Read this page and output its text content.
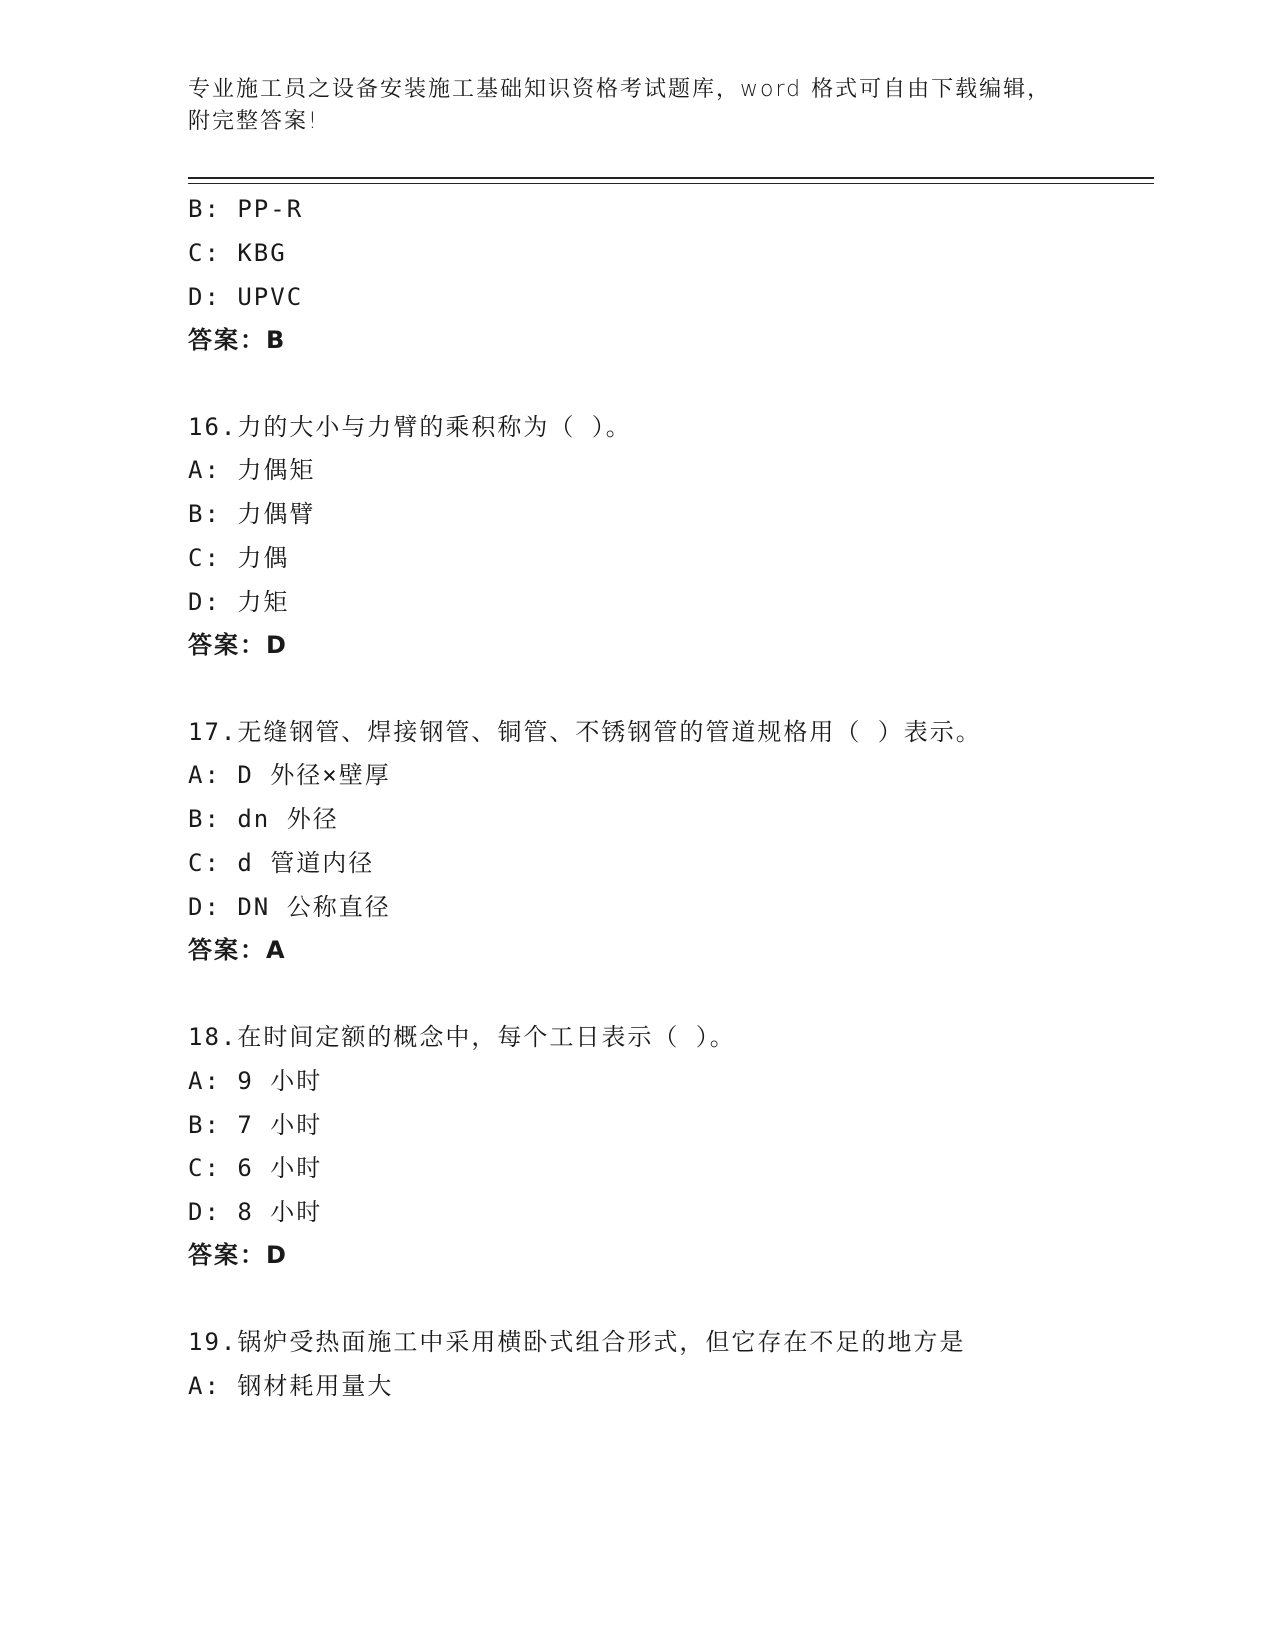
专业施工员之设备安装施工基础知识资格考试题库，word 格式可自由下载编辑，
附完整答案!
B: PP-R
C: KBG
D: UPVC
答案：B
16.力的大小与力臂的乘积称为（ ）。
A: 力偶矩
B: 力偶臂
C: 力偶
D: 力矩
答案：D
17.无缝钢管、焊接钢管、铜管、不锈钢管的管道规格用（ ）表示。
A: D 外径×壁厚
B: dn 外径
C: d 管道内径
D: DN 公称直径
答案：A
18.在时间定额的概念中，每个工日表示（ ）。
A: 9 小时
B: 7 小时
C: 6 小时
D: 8 小时
答案：D
19.锅炉受热面施工中采用横卧式组合形式，但它存在不足的地方是
A: 钢材耗用量大
